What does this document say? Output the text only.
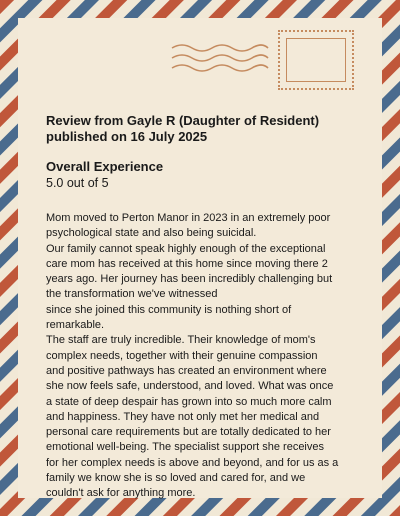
Review from Gayle R (Daughter of Resident)
published on 16 July 2025

Overall Experience

5.0 out of 5

Mom moved to Perton Manor in 2023 in an extremely poor

psychological state and also being suicidal.

Our family cannot speak highly enough of the exceptional

care mom has received at this home since moving there 2

years ago. Her journey has been incredibly challenging but

the transformation we've witnessed

since she joined this community is nothing short of

remarkable.

The staff are truly incredible. Their knowledge of mom's

complex needs, together with their genuine compassion

and positive pathways has created an environment where

she now feels safe, understood, and loved. What was once

a state of deep despair has grown into so much more calm

and happiness. They have not only met her medical and

personal care requirements but are totally dedicated to her

emotional well-being. The specialist support she receives

for her complex needs is above and beyond, and for us as a

family we know she is so loved and cared for, and we

couldn't ask for anything more.
